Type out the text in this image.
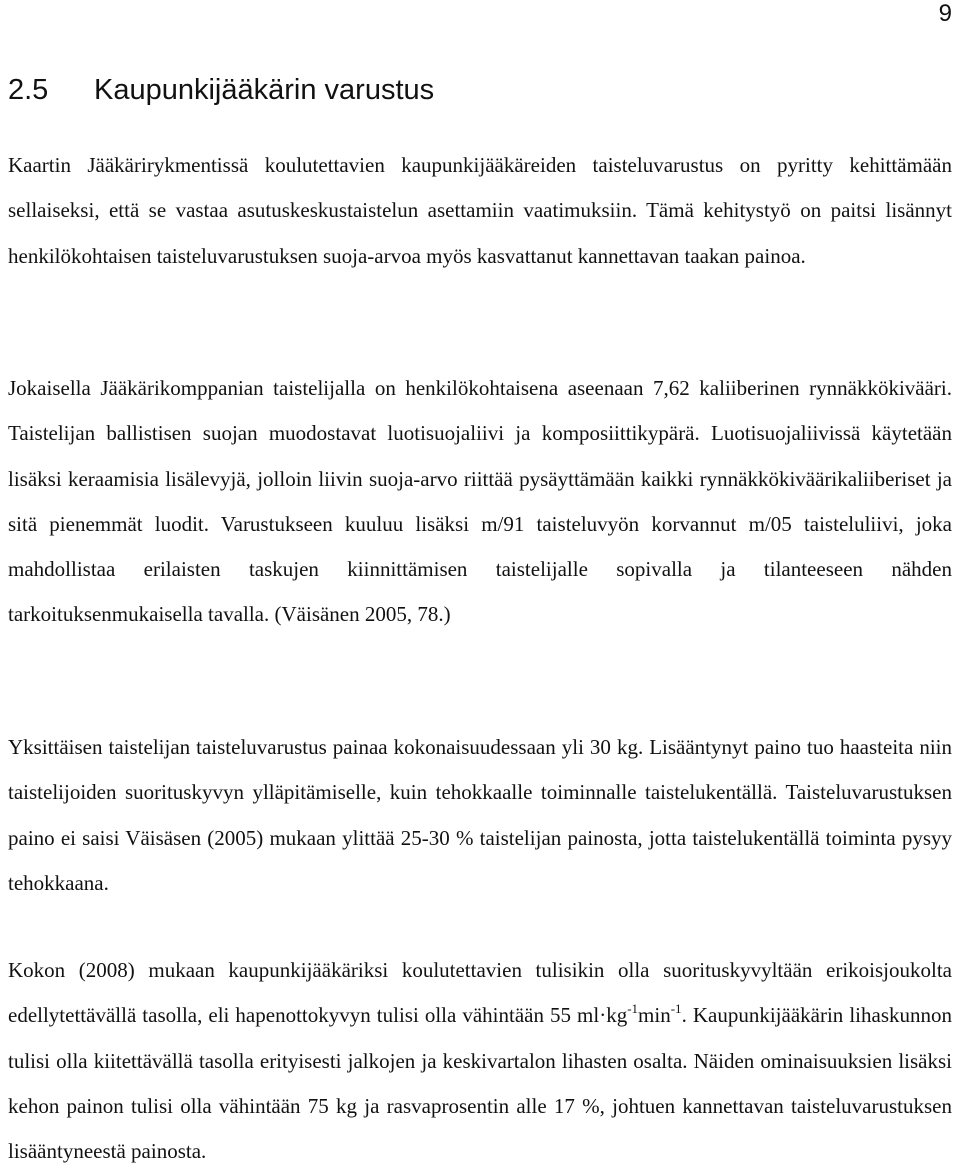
9
2.5 Kaupunkijääkärin varustus

Kaartin Jääkärirykmentissä koulutettavien kaupunkijääkäreiden taisteluvarustus on pyritty kehittämään sellaiseksi, että se vastaa asutuskeskustaistelun asettamiin vaatimuksiin. Tämä kehitystyö on paitsi lisännyt henkilökohtaisen taisteluvarustuksen suoja-arvoa myös kasvattanut kannettavan taakan painoa.

Jokaisella Jääkärikomppanian taistelijalla on henkilökohtaisena aseenaan 7,62 kaliiberinen rynnäkkökivääri. Taistelijan ballistisen suojan muodostavat luotisuojaliivi ja komposiittikypärä. Luotisuojaliivissä käytetään lisäksi keraamisia lisälevyjä, jolloin liivin suoja-arvo riittää pysäyttämään kaikki rynnäkkökiväärikaliiberiset ja sitä pienemmät luodit. Varustukseen kuuluu lisäksi m/91 taisteluvyön korvannut m/05 taisteluliivi, joka mahdollistaa erilaisten taskujen kiinnittämisen taistelijalle sopivalla ja tilanteeseen nähden tarkoituksenmukaisella tavalla. (Väisänen 2005, 78.)

Yksittäisen taistelijan taisteluvarustus painaa kokonaisuudessaan yli 30 kg. Lisääntynyt paino tuo haasteita niin taistelijoiden suorituskyvyn ylläpitämiselle, kuin tehokkaalle toiminnalle taistelukentällä. Taisteluvarustuksen paino ei saisi Väisäsen (2005) mukaan ylittää 25-30 % taistelijan painosta, jotta taistelukentällä toiminta pysyy tehokkaana.

Kokon (2008) mukaan kaupunkijääkäriksi koulutettavien tulisikin olla suorituskyvyltään erikoisjoukolta edellytettävällä tasolla, eli hapenottokyvyn tulisi olla vähintään 55 $ml\cdot kg^{-1}\min^{-1}$. Kaupunkijääkärin lihaskunnon tulisi olla kiitettävällä tasolla erityisesti jalkojen ja keskivartalon lihasten osalta. Näiden ominaisuuksien lisäksi kehon painon tulisi olla vähintään 75 kg ja rasvaprosentin alle 17 %, johtuen kannettavan taisteluvarustuksen lisääntyneestä painosta.
